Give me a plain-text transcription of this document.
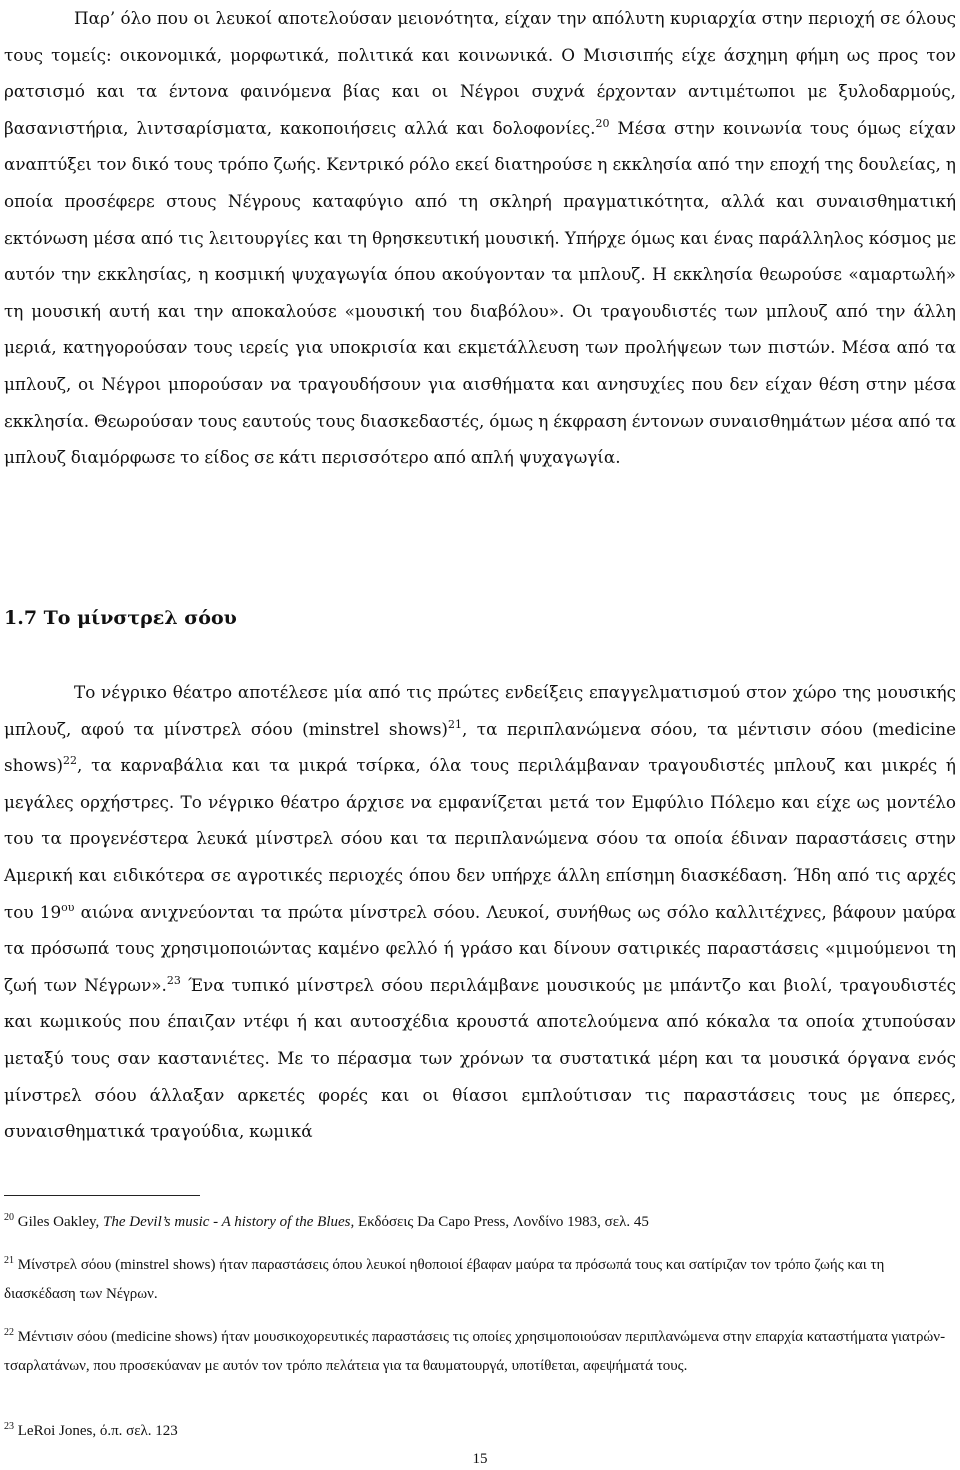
Παρ’ όλο που οι λευκοί αποτελούσαν μειονότητα, είχαν την απόλυτη κυριαρχία στην περιοχή σε όλους τους τομείς: οικονομικά, μορφωτικά, πολιτικά και κοινωνικά. Ο Μισισιπής είχε άσχημη φήμη ως προς τον ρατσισμό και τα έντονα φαινόμενα βίας και οι Νέγροι συχνά έρχονταν αντιμέτωποι με ξυλοδαρμούς, βασανιστήρια, λιντσαρίσματα, κακοποιήσεις αλλά και δολοφονίες.$^{20}$ Μέσα στην κοινωνία τους όμως είχαν αναπτύξει τον δικό τους τρόπο ζωής. Κεντρικό ρόλο εκεί διατηρούσε η εκκλησία από την εποχή της δουλείας, η οποία προσέφερε στους Νέγρους καταφύγιο από τη σκληρή πραγματικότητα, αλλά και συναισθηματική εκτόνωση μέσα από τις λειτουργίες και τη θρησκευτική μουσική. Υπήρχε όμως και ένας παράλληλος κόσμος με αυτόν την εκκλησίας, η κοσμική ψυχαγωγία όπου ακούγονταν τα μπλουζ. Η εκκλησία θεωρούσε «αμαρτωλή» τη μουσική αυτή και την αποκαλούσε «μουσική του διαβόλου». Οι τραγουδιστές των μπλουζ από την άλλη μεριά, κατηγορούσαν τους ιερείς για υποκρισία και εκμετάλλευση των προλήψεων των πιστών. Μέσα από τα μπλουζ, οι Νέγροι μπορούσαν να τραγουδήσουν για αισθήματα και ανησυχίες που δεν είχαν θέση στην μέσα εκκλησία. Θεωρούσαν τους εαυτούς τους διασκεδαστές, όμως η έκφραση έντονων συναισθημάτων μέσα από τα μπλουζ διαμόρφωσε το είδος σε κάτι περισσότερο από απλή ψυχαγωγία.

1.7 Το μίνστρελ σόου

Το νέγρικο θέατρο αποτέλεσε μία από τις πρώτες ενδείξεις επαγγελματισμού στον χώρο της μουσικής μπλουζ, αφού τα μίνστρελ σόου (minstrel shows)$^{21}$, τα περιπλανώμενα σόου, τα μέντισιν σόου (medicine shows)$^{22}$, τα καρναβάλια και τα μικρά τσίρκα, όλα τους περιλάμβαναν τραγουδιστές μπλουζ και μικρές ή μεγάλες ορχήστρες. Το νέγρικο θέατρο άρχισε να εμφανίζεται μετά τον Εμφύλιο Πόλεμο και είχε ως μοντέλο του τα προγενέστερα λευκά μίνστρελ σόου και τα περιπλανώμενα σόου τα οποία έδιναν παραστάσεις στην Αμερική και ειδικότερα σε αγροτικές περιοχές όπου δεν υπήρχε άλλη επίσημη διασκέδαση. Ήδη από τις αρχές του $19^{o\upsilon}$ αιώνα ανιχνεύονται τα πρώτα μίνστρελ σόου. Λευκοί, συνήθως ως σόλο καλλιτέχνες, βάφουν μαύρα τα πρόσωπά τους χρησιμοποιώντας καμένο φελλό ή γράσο και δίνουν σατιρικές παραστάσεις «μιμούμενοι τη ζωή των Νέγρων».$^{23}$ Ένα τυπικό μίνστρελ σόου περιλάμβανε μουσικούς με μπάντζο και βιολί, τραγουδιστές και κωμικούς που έπαιζαν ντέφι ή και αυτοσχέδια κρουστά αποτελούμενα από κόκαλα τα οποία χτυπούσαν μεταξύ τους σαν καστανιέτες. Με το πέρασμα των χρόνων τα συστατικά μέρη και τα μουσικά όργανα ενός μίνστρελ σόου άλλαξαν αρκετές φορές και οι θίασοι εμπλούτισαν τις παραστάσεις τους με όπερες, συναισθηματικά τραγούδια, κωμικά

$^{20}$ Giles Oakley, The Devil’s music - A history of the Blues, Εκδόσεις Da Capo Press, Λονδίνο 1983, σελ. 45

$^{21}$ Μίνστρελ σόου (minstrel shows) ήταν παραστάσεις όπου λευκοί ηθοποιοί έβαφαν μαύρα τα πρόσωπά τους και σατίριζαν τον τρόπο ζωής και τη διασκέδαση των Νέγρων.

$^{22}$ Μέντισιν σόου (medicine shows) ήταν μουσικοχορευτικές παραστάσεις τις οποίες χρησιμοποιούσαν περιπλανώμενα στην επαρχία καταστήματα γιατρών-τσαρλατάνων, που προσεκύαναν με αυτόν τον τρόπο πελάτεια για τα θαυματουργά, υποτίθεται, αφεψήματά τους.

$^{23}$ LeRoi Jones, ό.π. σελ. 123

15
